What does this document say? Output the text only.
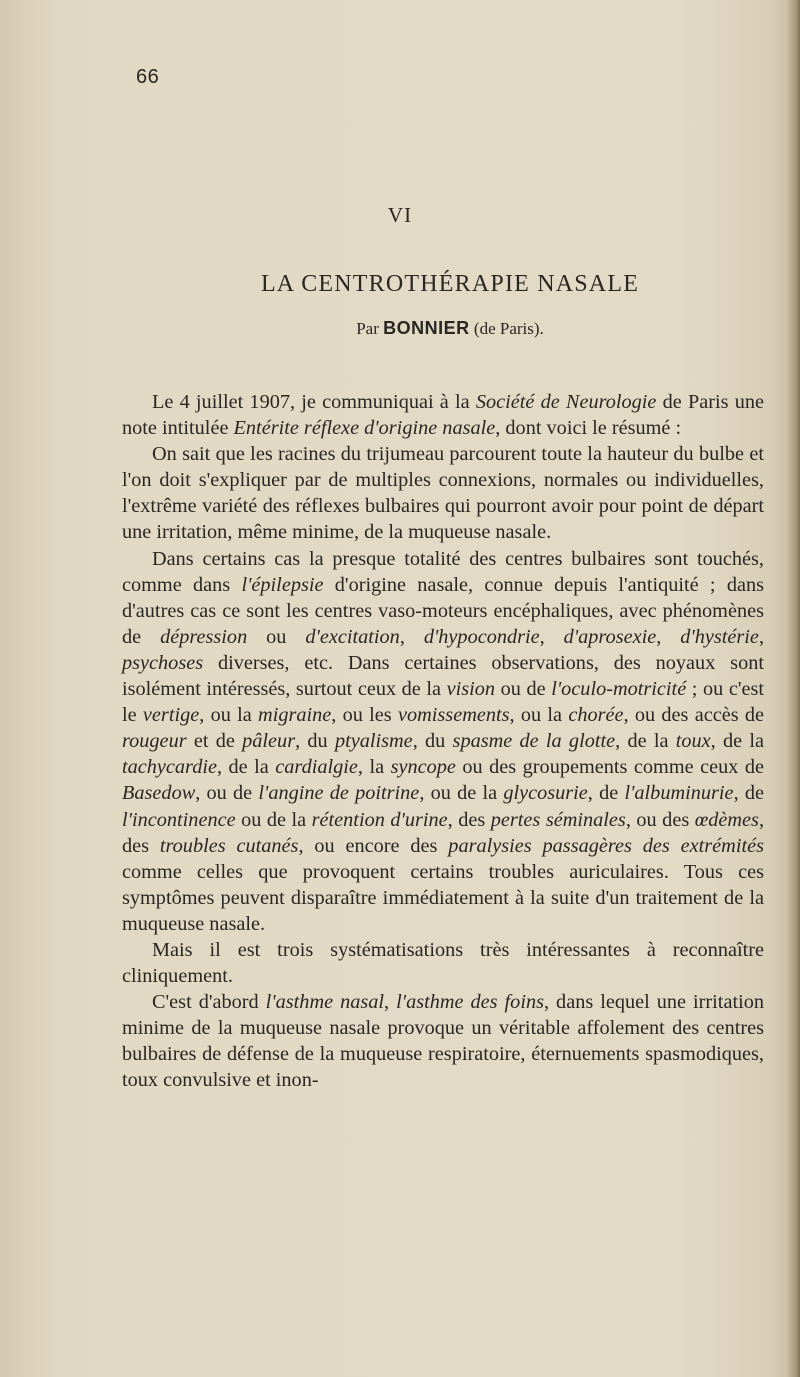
66
VI
LA CENTROTHÉRAPIE NASALE
Par BONNIER (de Paris).

Le 4 juillet 1907, je communiquai à la Société de Neurologie de Paris une note intitulée Entérite réflexe d'origine nasale, dont voici le résumé :

On sait que les racines du trijumeau parcourent toute la hauteur du bulbe et l'on doit s'expliquer par de multiples connexions, normales ou individuelles, l'extrême variété des réflexes bulbaires qui pourront avoir pour point de départ une irritation, même minime, de la muqueuse nasale.

Dans certains cas la presque totalité des centres bulbaires sont touchés, comme dans l'épilepsie d'origine nasale, connue depuis l'antiquité ; dans d'autres cas ce sont les centres vaso-moteurs encéphaliques, avec phénomènes de dépression ou d'excitation, d'hypocondrie, d'aprosexie, d'hystérie, psychoses diverses, etc. Dans certaines observations, des noyaux sont isolément intéressés, surtout ceux de la vision ou de l'oculo-motricité ; ou c'est le vertige, ou la migraine, ou les vomissements, ou la chorée, ou des accès de rougeur et de pâleur, du ptyalisme, du spasme de la glotte, de la toux, de la tachycardie, de la cardialgie, la syncope ou des groupements comme ceux de Basedow, ou de l'angine de poitrine, ou de la glycosurie, de l'albuminurie, de l'incontinence ou de la rétention d'urine, des pertes séminales, ou des œdèmes, des troubles cutanés, ou encore des paralysies passagères des extrémités comme celles que provoquent certains troubles auriculaires. Tous ces symptômes peuvent disparaître immédiatement à la suite d'un traitement de la muqueuse nasale.

Mais il est trois systématisations très intéressantes à reconnaître cliniquement.

C'est d'abord l'asthme nasal, l'asthme des foins, dans lequel une irritation minime de la muqueuse nasale provoque un véritable affolement des centres bulbaires de défense de la muqueuse respiratoire, éternuements spasmodiques, toux convulsive et inon-
